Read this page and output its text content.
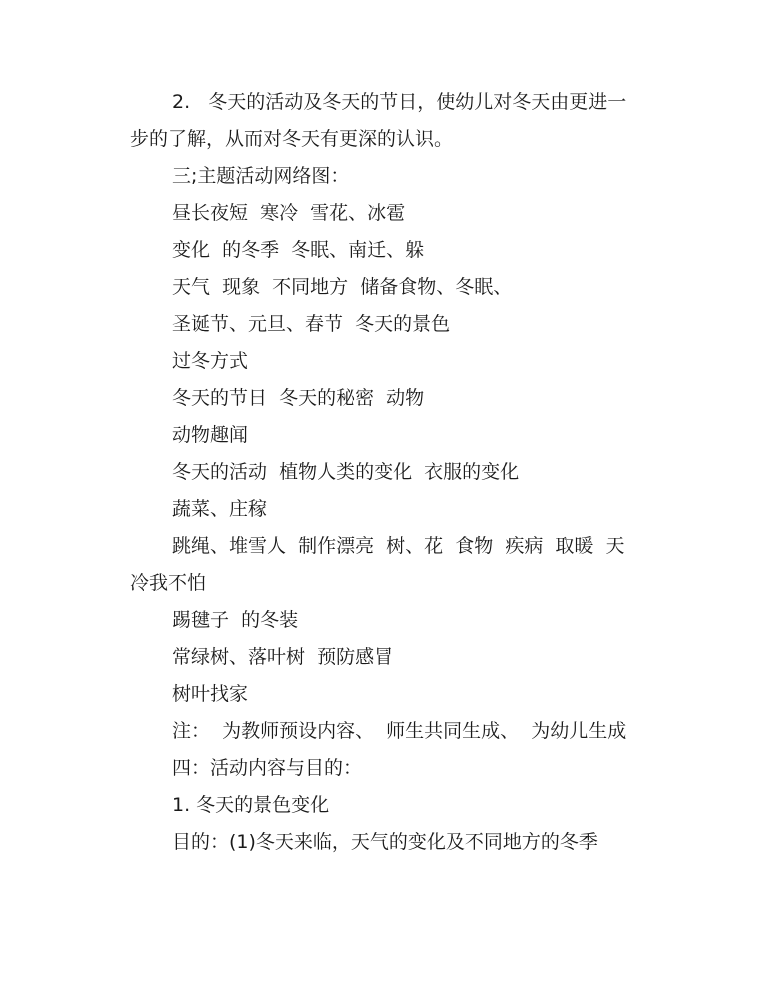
2.   冬天的活动及冬天的节日，使幼儿对冬天由更进一步的了解，从而对冬天有更深的认识。

三;主题活动网络图：

昼长夜短  寒冷  雪花、冰雹

变化  的冬季  冬眠、南迁、躲

天气  现象  不同地方  储备食物、冬眠、

圣诞节、元旦、春节  冬天的景色

过冬方式

冬天的节日  冬天的秘密  动物

动物趣闻

冬天的活动  植物人类的变化  衣服的变化

蔬菜、庄稼

跳绳、堆雪人  制作漂亮  树、花  食物  疾病  取暖  天冷我不怕

踢毽子  的冬装

常绿树、落叶树  预防感冒

树叶找家

注：  为教师预设内容、  师生共同生成、  为幼儿生成

四：活动内容与目的：

1. 冬天的景色变化

目的：(1)冬天来临，天气的变化及不同地方的冬季
